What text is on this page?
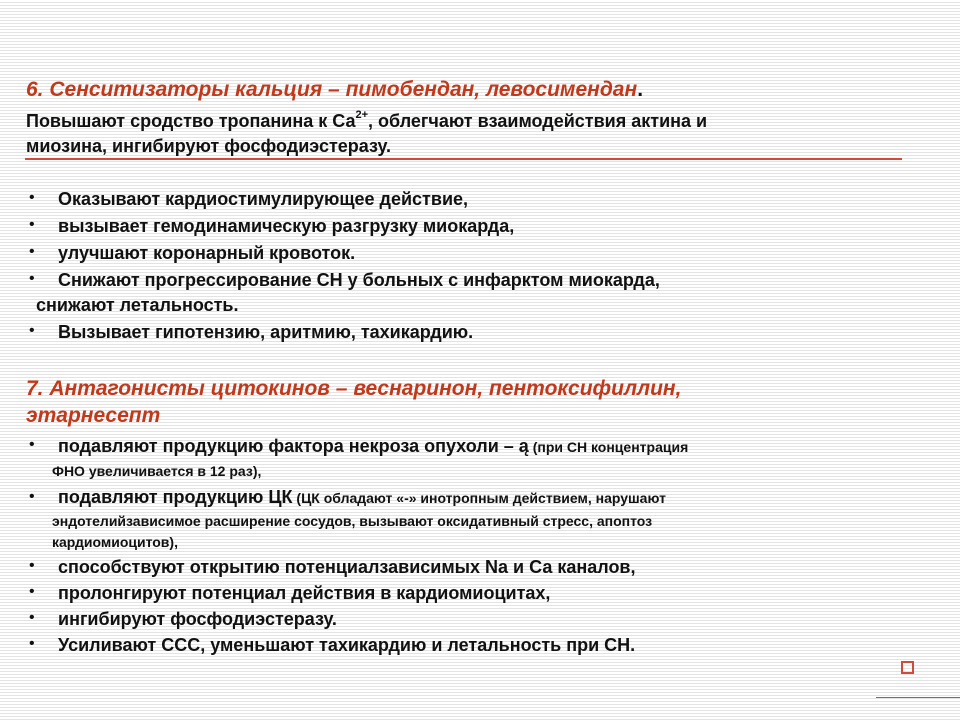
6. Сенситизаторы кальция – пимобендан, левосимендан.
Повышают сродство тропанина к $Са^{2+}$, облегчают взаимодействия актина и
миозина, ингибируют фосфодиэстеразу.
• Оказывают кардиостимулирующее действие,
• вызывает гемодинамическую разгрузку миокарда,
• улучшают коронарный кровоток.
• Снижают прогрессирование СН у больных с инфарктом миокарда,
снижают летальность.
• Вызывает гипотензию, аритмию, тахикардию.
7. Антагонисты цитокинов – веснаринон, пентоксифиллин,
этарнесепт
• подавляют продукцию фактора некроза опухоли – ą (при СН концентрация
ФНО увеличивается в 12 раз),
• подавляют продукцию ЦК (ЦК обладают «-» инотропным действием, нарушают
эндотелийзависимое расширение сосудов, вызывают оксидативный стресс, апоптоз
кардиомиоцитов),
• способствуют открытию потенциалзависимых Na и Са каналов,
• пролонгируют потенциал действия в кардиомиоцитах,
• ингибируют фосфодиэстеразу.
• Усиливают ССС, уменьшают тахикардию и летальность при СН.
